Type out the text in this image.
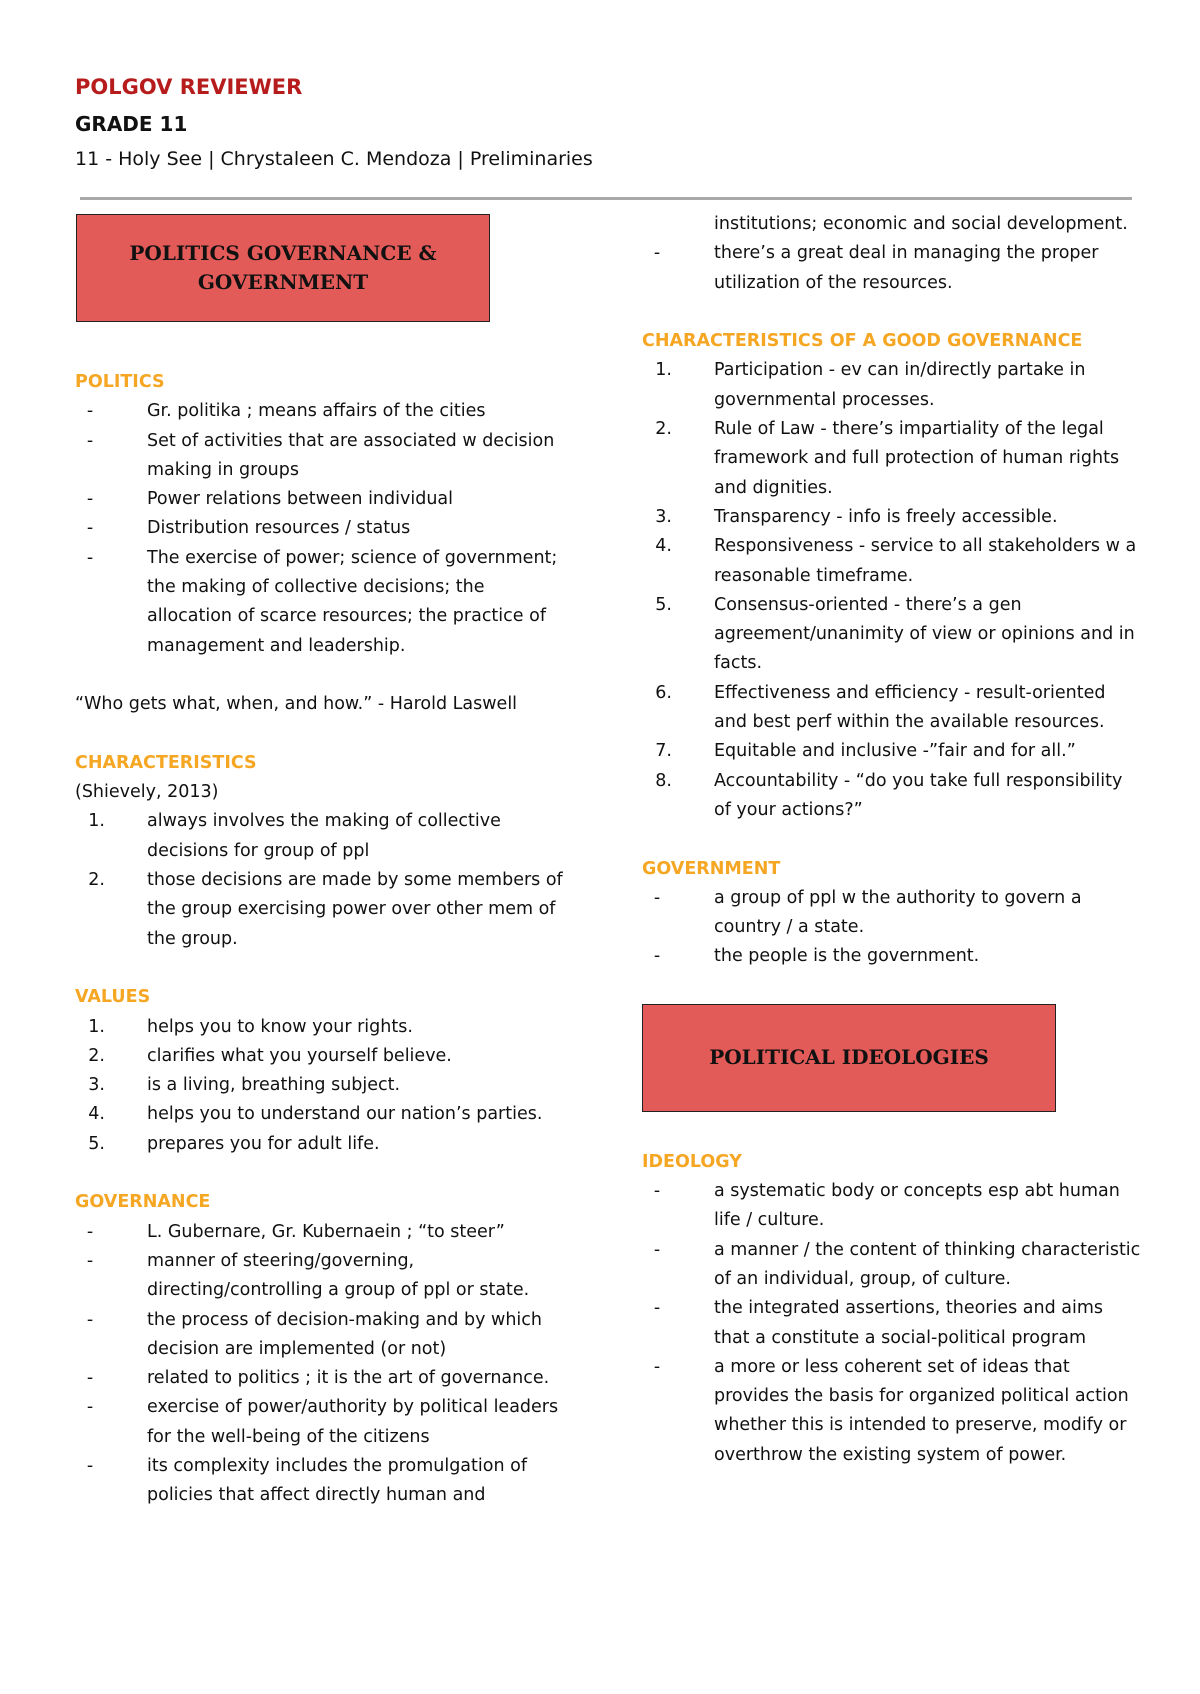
POLGOV REVIEWER
GRADE 11
11 - Holy See | Chrystaleen C. Mendoza | Preliminaries
POLITICS GOVERNANCE & GOVERNMENT
POLITICS
- Gr. politika ; means affairs of the cities
- Set of activities that are associated w decision making in groups
- Power relations between individual
- Distribution resources / status
- The exercise of power; science of government; the making of collective decisions; the allocation of scarce resources; the practice of management and leadership.
“Who gets what, when, and how.” - Harold Laswell
CHARACTERISTICS
(Shievely, 2013)
1. always involves the making of collective decisions for group of ppl
2. those decisions are made by some members of the group exercising power over other mem of the group.
VALUES
1. helps you to know your rights.
2. clarifies what you yourself believe.
3. is a living, breathing subject.
4. helps you to understand our nation’s parties.
5. prepares you for adult life.
GOVERNANCE
- L. Gubernare, Gr. Kubernaein ; “to steer”
- manner of steering/governing, directing/controlling a group of ppl or state.
- the process of decision-making and by which decision are implemented (or not)
- related to politics ; it is the art of governance.
- exercise of power/authority by political leaders for the well-being of the citizens
- its complexity includes the promulgation of policies that affect directly human and
institutions; economic and social development.
- there’s a great deal in managing the proper utilization of the resources.
CHARACTERISTICS OF A GOOD GOVERNANCE
1. Participation - ev can in/directly partake in governmental processes.
2. Rule of Law - there’s impartiality of the legal framework and full protection of human rights and dignities.
3. Transparency - info is freely accessible.
4. Responsiveness - service to all stakeholders w a reasonable timeframe.
5. Consensus-oriented - there’s a gen agreement/unanimity of view or opinions and in facts.
6. Effectiveness and efficiency - result-oriented and best perf within the available resources.
7. Equitable and inclusive -”fair and for all.”
8. Accountability - “do you take full responsibility of your actions?”
GOVERNMENT
- a group of ppl w the authority to govern a country / a state.
- the people is the government.
POLITICAL IDEOLOGIES
IDEOLOGY
- a systematic body or concepts esp abt human life / culture.
- a manner / the content of thinking characteristic of an individual, group, of culture.
- the integrated assertions, theories and aims that a constitute a social-political program
- a more or less coherent set of ideas that provides the basis for organized political action whether this is intended to preserve, modify or overthrow the existing system of power.
